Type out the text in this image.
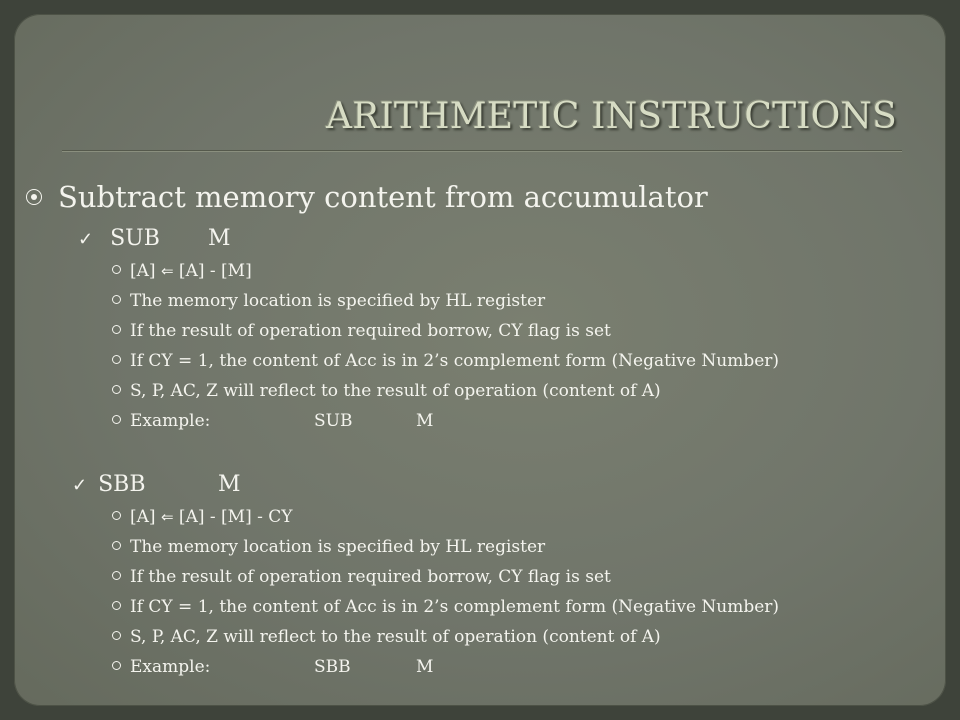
ARITHMETIC INSTRUCTIONS
Subtract memory content from accumulator
✓ SUB M
[A] ⇐ [A] - [M]
The memory location is specified by HL register
If the result of operation required borrow, CY flag is set
If CY = 1, the content of Acc is in 2’s complement form (Negative Number)
S, P, AC, Z will reflect to the result of operation (content of A)
Example:	SUB	M
✓ SBB	M
[A] ⇐ [A] - [M] - CY
The memory location is specified by HL register
If the result of operation required borrow, CY flag is set
If CY = 1, the content of Acc is in 2’s complement form (Negative Number)
S, P, AC, Z will reflect to the result of operation (content of A)
Example:	SBB	M
